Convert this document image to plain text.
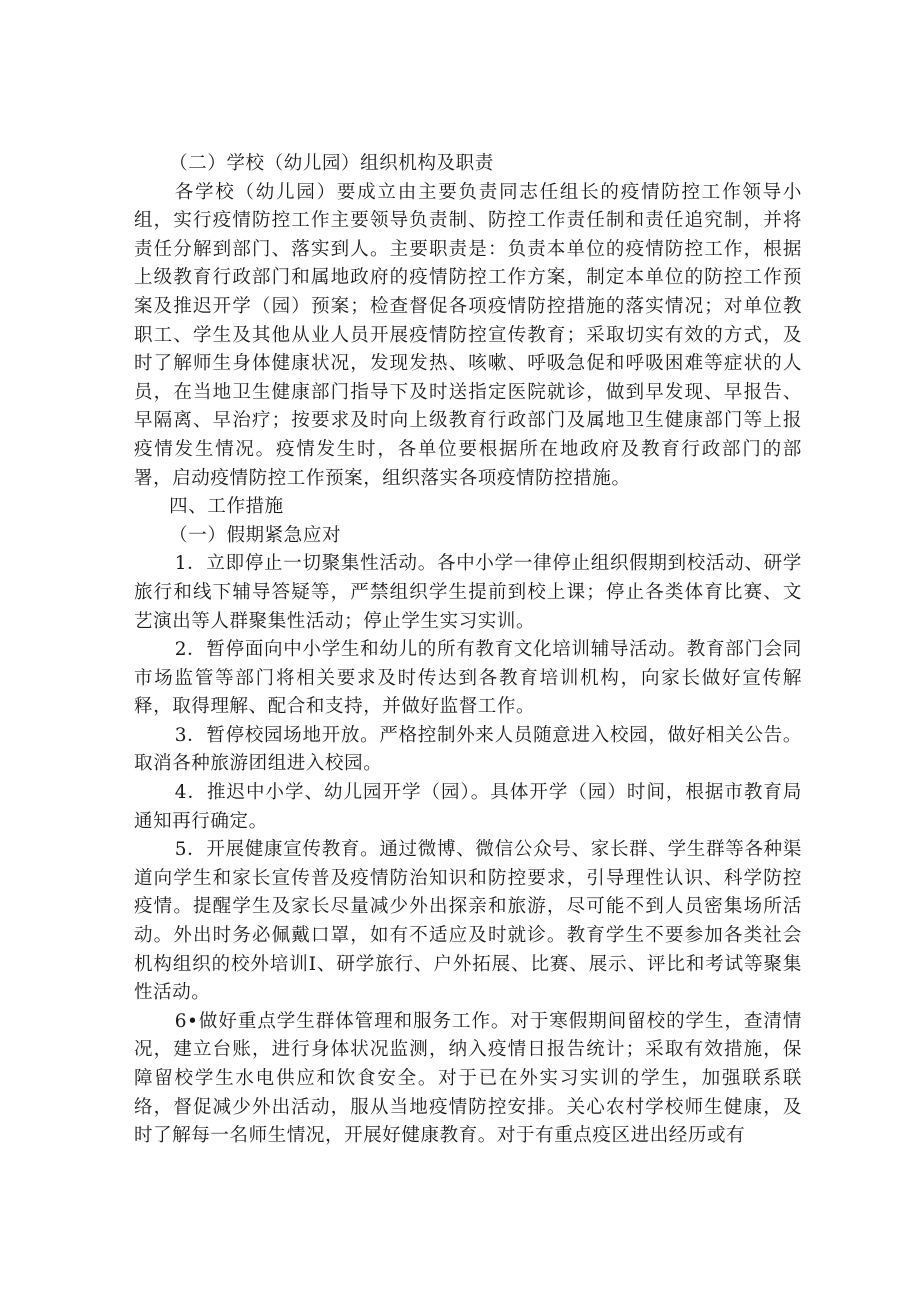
（二）学校（幼儿园）组织机构及职责

各学校（幼儿园）要成立由主要负责同志任组长的疫情防控工作领导小组，实行疫情防控工作主要领导负责制、防控工作责任制和责任追究制，并将责任分解到部门、落实到人。主要职责是：负责本单位的疫情防控工作，根据上级教育行政部门和属地政府的疫情防控工作方案，制定本单位的防控工作预案及推迟开学（园）预案；检查督促各项疫情防控措施的落实情况；对单位教职工、学生及其他从业人员开展疫情防控宣传教育；采取切实有效的方式，及时了解师生身体健康状况，发现发热、咳嗽、呼吸急促和呼吸困难等症状的人员，在当地卫生健康部门指导下及时送指定医院就诊，做到早发现、早报告、早隔离、早治疗；按要求及时向上级教育行政部门及属地卫生健康部门等上报疫情发生情况。疫情发生时，各单位要根据所在地政府及教育行政部门的部署，启动疫情防控工作预案，组织落实各项疫情防控措施。

四、工作措施

（一）假期紧急应对

1．立即停止一切聚集性活动。各中小学一律停止组织假期到校活动、研学旅行和线下辅导答疑等，严禁组织学生提前到校上课；停止各类体育比赛、文艺演出等人群聚集性活动；停止学生实习实训。

2．暂停面向中小学生和幼儿的所有教育文化培训辅导活动。教育部门会同市场监管等部门将相关要求及时传达到各教育培训机构，向家长做好宣传解释，取得理解、配合和支持，并做好监督工作。

3．暂停校园场地开放。严格控制外来人员随意进入校园，做好相关公告。取消各种旅游团组进入校园。

4．推迟中小学、幼儿园开学（园）。具体开学（园）时间，根据市教育局通知再行确定。

5．开展健康宣传教育。通过微博、微信公众号、家长群、学生群等各种渠道向学生和家长宣传普及疫情防治知识和防控要求，引导理性认识、科学防控疫情。提醒学生及家长尽量减少外出探亲和旅游，尽可能不到人员密集场所活动。外出时务必佩戴口罩，如有不适应及时就诊。教育学生不要参加各类社会机构组织的校外培训I、研学旅行、户外拓展、比赛、展示、评比和考试等聚集性活动。

6•做好重点学生群体管理和服务工作。对于寒假期间留校的学生，查清情况，建立台账，进行身体状况监测，纳入疫情日报告统计；采取有效措施，保障留校学生水电供应和饮食安全。对于已在外实习实训的学生，加强联系联络，督促减少外出活动，服从当地疫情防控安排。关心农村学校师生健康，及时了解每一名师生情况，开展好健康教育。对于有重点疫区进出经历或有
